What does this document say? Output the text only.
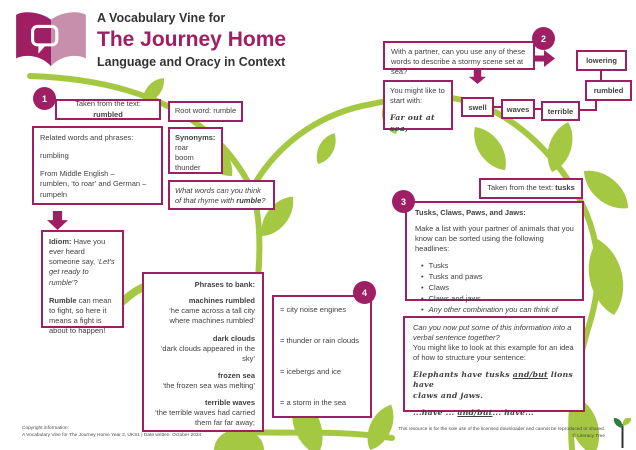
A Vocabulary Vine for
The Journey Home
Language and Oracy in Context
1

Taken from the text: rumbled	Root word: rumble

Related words and phrases:

rumbling

From Middle English –

rumblen, ‘to roar’ and German –

rumpeln

Synonyms:

roar

boom

thunder

What words can you think

of that rhyme with rumble?

Idiom: Have you ever heard someone say, ‘Let’s get ready to rumble’?

Rumble can mean to fight, so here it means a fight is about to happen!

2

With a partner, can you use any of these words to describe a stormy scene set at sea?

You might like to

start with:

Far out at sea,

swell	waves	terrible
rumbled
lowering
3

Taken from the text: tusks

Tusks, Claws, Paws, and Jaws:

Make a list with your partner of animals that you

know can be sorted using the following

headlines:

• Tusks
• Tusks and paws
• Claws
• Claws and jaws
• Any other combination you can think of

Can you now put some of this information into a

verbal sentence together?

You might like to look at this example for an idea

of how to structure your sentence:

Elephants have tusks and/but lions have

claws and jaws.

...have ... and/but... have...

4

Phrases to bank:

machines rumbled

‘he came across a tall city where machines rumbled’

dark clouds

‘dark clouds appeared in the sky’

frozen sea

‘the frozen sea was melting’

terrible waves

‘the terrible waves had carried them far far away;

= city noise engines

= thunder or rain clouds

= icebergs and ice

= a storm in the sea

Copyright information:

A Vocabulary Vine for The Journey Home Year 2, UKS1 | Date written: October 2024

This resource is for the sole use of the licensed downloader and cannot be reproduced or shared.

© Literacy Tree
